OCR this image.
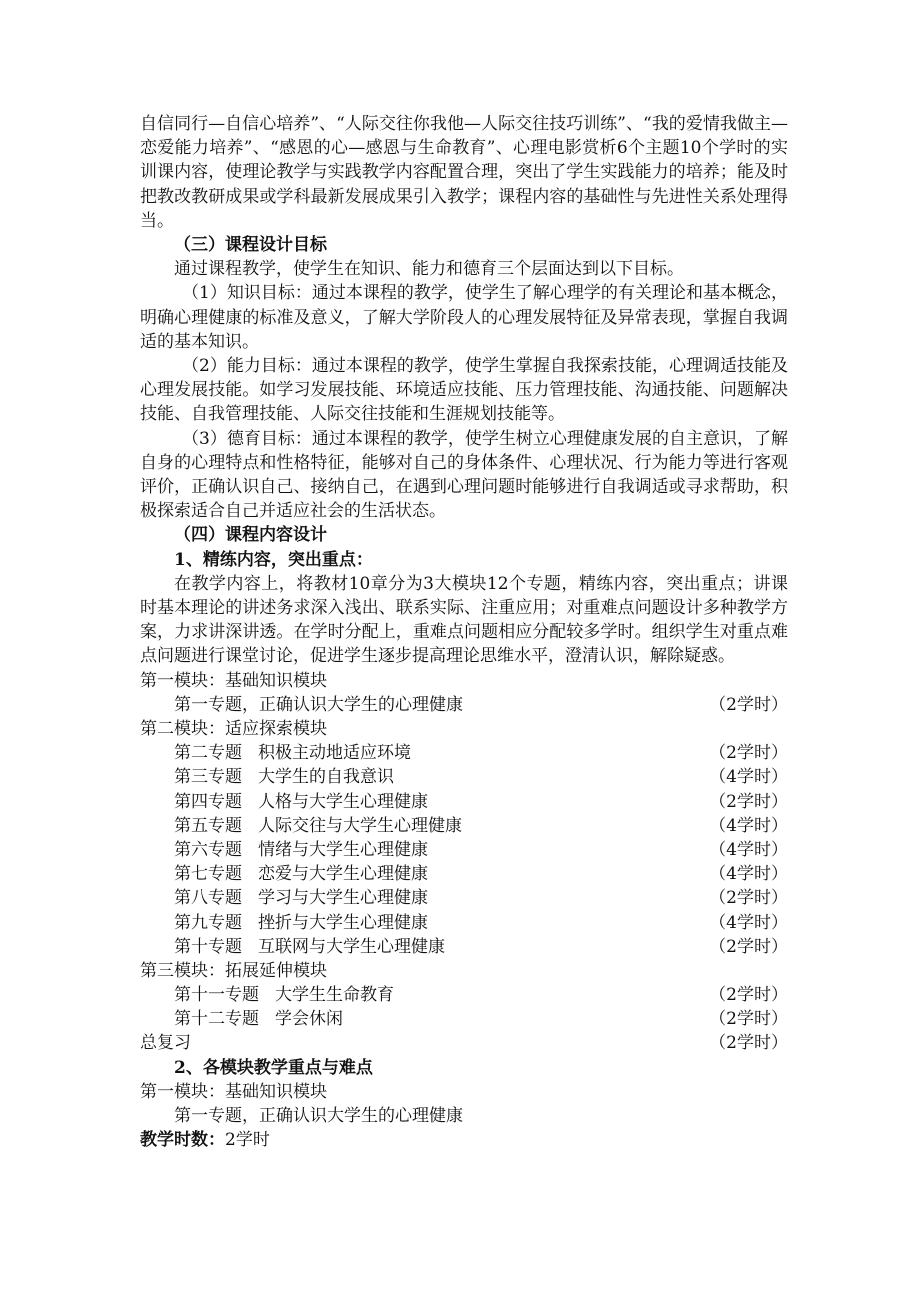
自信同行—自信心培养”、“人际交往你我他—人际交往技巧训练”、“我的爱情我做主—恋爱能力培养”、“感恩的心—感恩与生命教育”、心理电影赏析6个主题10个学时的实训课内容，使理论教学与实践教学内容配置合理，突出了学生实践能力的培养；能及时把教改教研成果或学科最新发展成果引入教学；课程内容的基础性与先进性关系处理得当。
（三）课程设计目标
通过课程教学，使学生在知识、能力和德育三个层面达到以下目标。
（1）知识目标：通过本课程的教学，使学生了解心理学的有关理论和基本概念，明确心理健康的标准及意义，了解大学阶段人的心理发展特征及异常表现，掌握自我调适的基本知识。
（2）能力目标：通过本课程的教学，使学生掌握自我探索技能，心理调适技能及心理发展技能。如学习发展技能、环境适应技能、压力管理技能、沟通技能、问题解决技能、自我管理技能、人际交往技能和生涯规划技能等。
（3）德育目标：通过本课程的教学，使学生树立心理健康发展的自主意识，了解自身的心理特点和性格特征，能够对自己的身体条件、心理状况、行为能力等进行客观评价，正确认识自己、接纳自己，在遇到心理问题时能够进行自我调适或寻求帮助，积极探索适合自己并适应社会的生活状态。
（四）课程内容设计
1、精练内容，突出重点：
在教学内容上，将教材10章分为3大模块12个专题，精练内容，突出重点；讲课时基本理论的讲述务求深入浅出、联系实际、注重应用；对重难点问题设计多种教学方案，力求讲深讲透。在学时分配上，重难点问题相应分配较多学时。组织学生对重点难点问题进行课堂讨论，促进学生逐步提高理论思维水平，澄清认识，解除疑惑。
第一模块：基础知识模块
第一专题，正确认识大学生的心理健康	（2学时）
第二模块：适应探索模块
第二专题 积极主动地适应环境	（2学时）
第三专题 大学生的自我意识	（4学时）
第四专题 人格与大学生心理健康	（2学时）
第五专题 人际交往与大学生心理健康	（4学时）
第六专题 情绪与大学生心理健康	（4学时）
第七专题 恋爱与大学生心理健康	（4学时）
第八专题 学习与大学生心理健康	（2学时）
第九专题 挫折与大学生心理健康	（4学时）
第十专题 互联网与大学生心理健康	（2学时）
第三模块：拓展延伸模块
第十一专题 大学生生命教育	（2学时）
第十二专题 学会休闲	（2学时）
总复习	（2学时）
2、各模块教学重点与难点
第一模块：基础知识模块
第一专题，正确认识大学生的心理健康
教学时数：2学时
